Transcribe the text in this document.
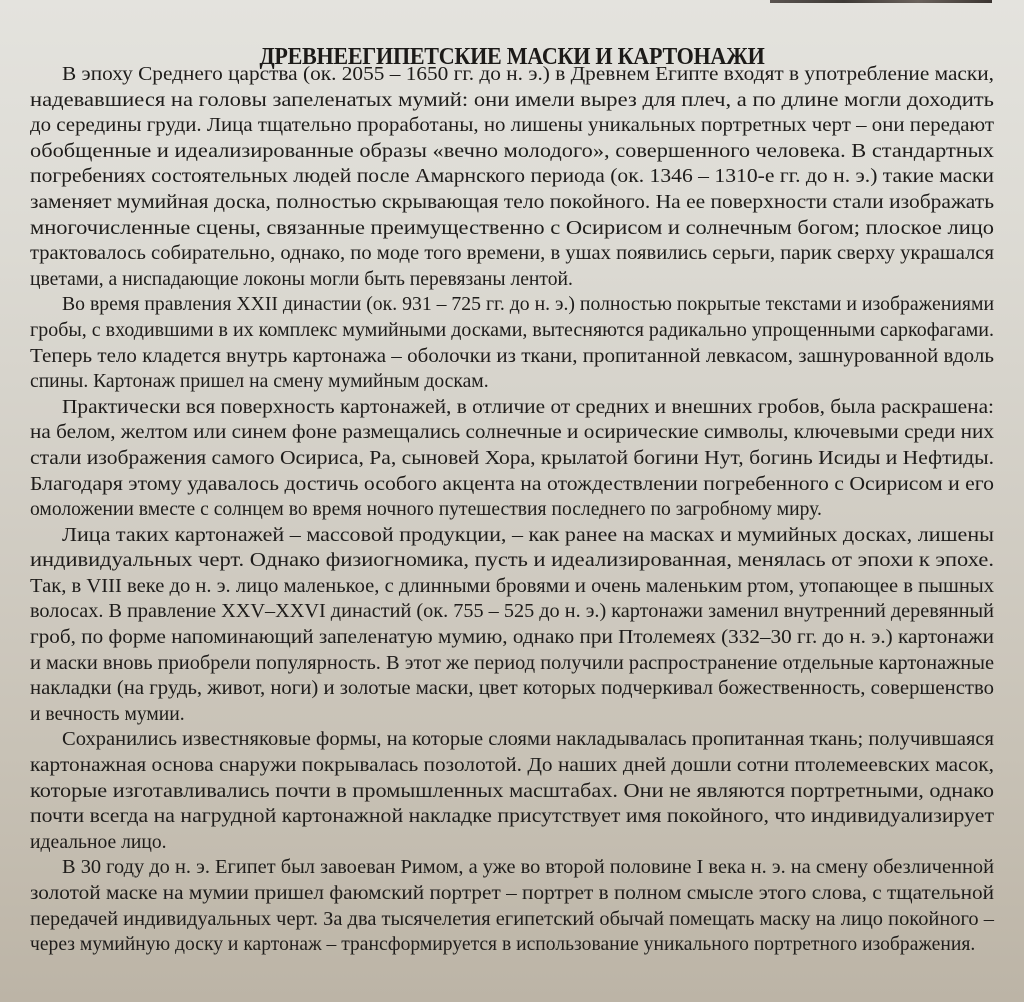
ДРЕВНЕЕГИПЕТСКИЕ МАСКИ И КАРТОНАЖИ
В эпоху Среднего царства (ок. 2055 – 1650 гг. до н. э.) в Древнем Египте входят в употребление маски,
надевавшиеся на головы запеленатых мумий: они имели вырез для плеч, а по длине могли доходить
до середины груди. Лица тщательно проработаны, но лишены уникальных портретных черт – они передают
обобщенные и идеализированные образы «вечно молодого», совершенного человека. В стандартных
погребениях состоятельных людей после Амарнского периода (ок. 1346 – 1310-е гг. до н. э.) такие маски
заменяет мумийная доска, полностью скрывающая тело покойного. На ее поверхности стали изображать
многочисленные сцены, связанные преимущественно с Осирисом и солнечным богом; плоское лицо
трактовалось собирательно, однако, по моде того времени, в ушах появились серьги, парик сверху украшался
цветами, а ниспадающие локоны могли быть перевязаны лентой.
Во время правления XXII династии (ок. 931 – 725 гг. до н. э.) полностью покрытые текстами и изображениями
гробы, с входившими в их комплекс мумийными досками, вытесняются радикально упрощенными саркофагами.
Теперь тело кладется внутрь картонажа – оболочки из ткани, пропитанной левкасом, зашнурованной вдоль
спины. Картонаж пришел на смену мумийным доскам.
Практически вся поверхность картонажей, в отличие от средних и внешних гробов, была раскрашена:
на белом, желтом или синем фоне размещались солнечные и осирические символы, ключевыми среди них
стали изображения самого Осириса, Ра, сыновей Хора, крылатой богини Нут, богинь Исиды и Нефтиды.
Благодаря этому удавалось достичь особого акцента на отождествлении погребенного с Осирисом и его
омоложении вместе с солнцем во время ночного путешествия последнего по загробному миру.
Лица таких картонажей – массовой продукции, – как ранее на масках и мумийных досках, лишены
индивидуальных черт. Однако физиогномика, пусть и идеализированная, менялась от эпохи к эпохе.
Так, в VIII веке до н. э. лицо маленькое, с длинными бровями и очень маленьким ртом, утопающее в пышных
волосах. В правление XXV–XXVI династий (ок. 755 – 525 до н. э.) картонажи заменил внутренний деревянный
гроб, по форме напоминающий запеленатую мумию, однако при Птолемеях (332–30 гг. до н. э.) картонажи
и маски вновь приобрели популярность. В этот же период получили распространение отдельные картонажные
накладки (на грудь, живот, ноги) и золотые маски, цвет которых подчеркивал божественность, совершенство
и вечность мумии.
Сохранились известняковые формы, на которые слоями накладывалась пропитанная ткань; получившаяся
картонажная основа снаружи покрывалась позолотой. До наших дней дошли сотни птолемеевских масок,
которые изготавливались почти в промышленных масштабах. Они не являются портретными, однако
почти всегда на нагрудной картонажной накладке присутствует имя покойного, что индивидуализирует
идеальное лицо.
В 30 году до н. э. Египет был завоеван Римом, а уже во второй половине I века н. э. на смену обезличенной
золотой маске на мумии пришел фаюмский портрет – портрет в полном смысле этого слова, с тщательной
передачей индивидуальных черт. За два тысячелетия египетский обычай помещать маску на лицо покойного –
через мумийную доску и картонаж – трансформируется в использование уникального портретного изображения.
